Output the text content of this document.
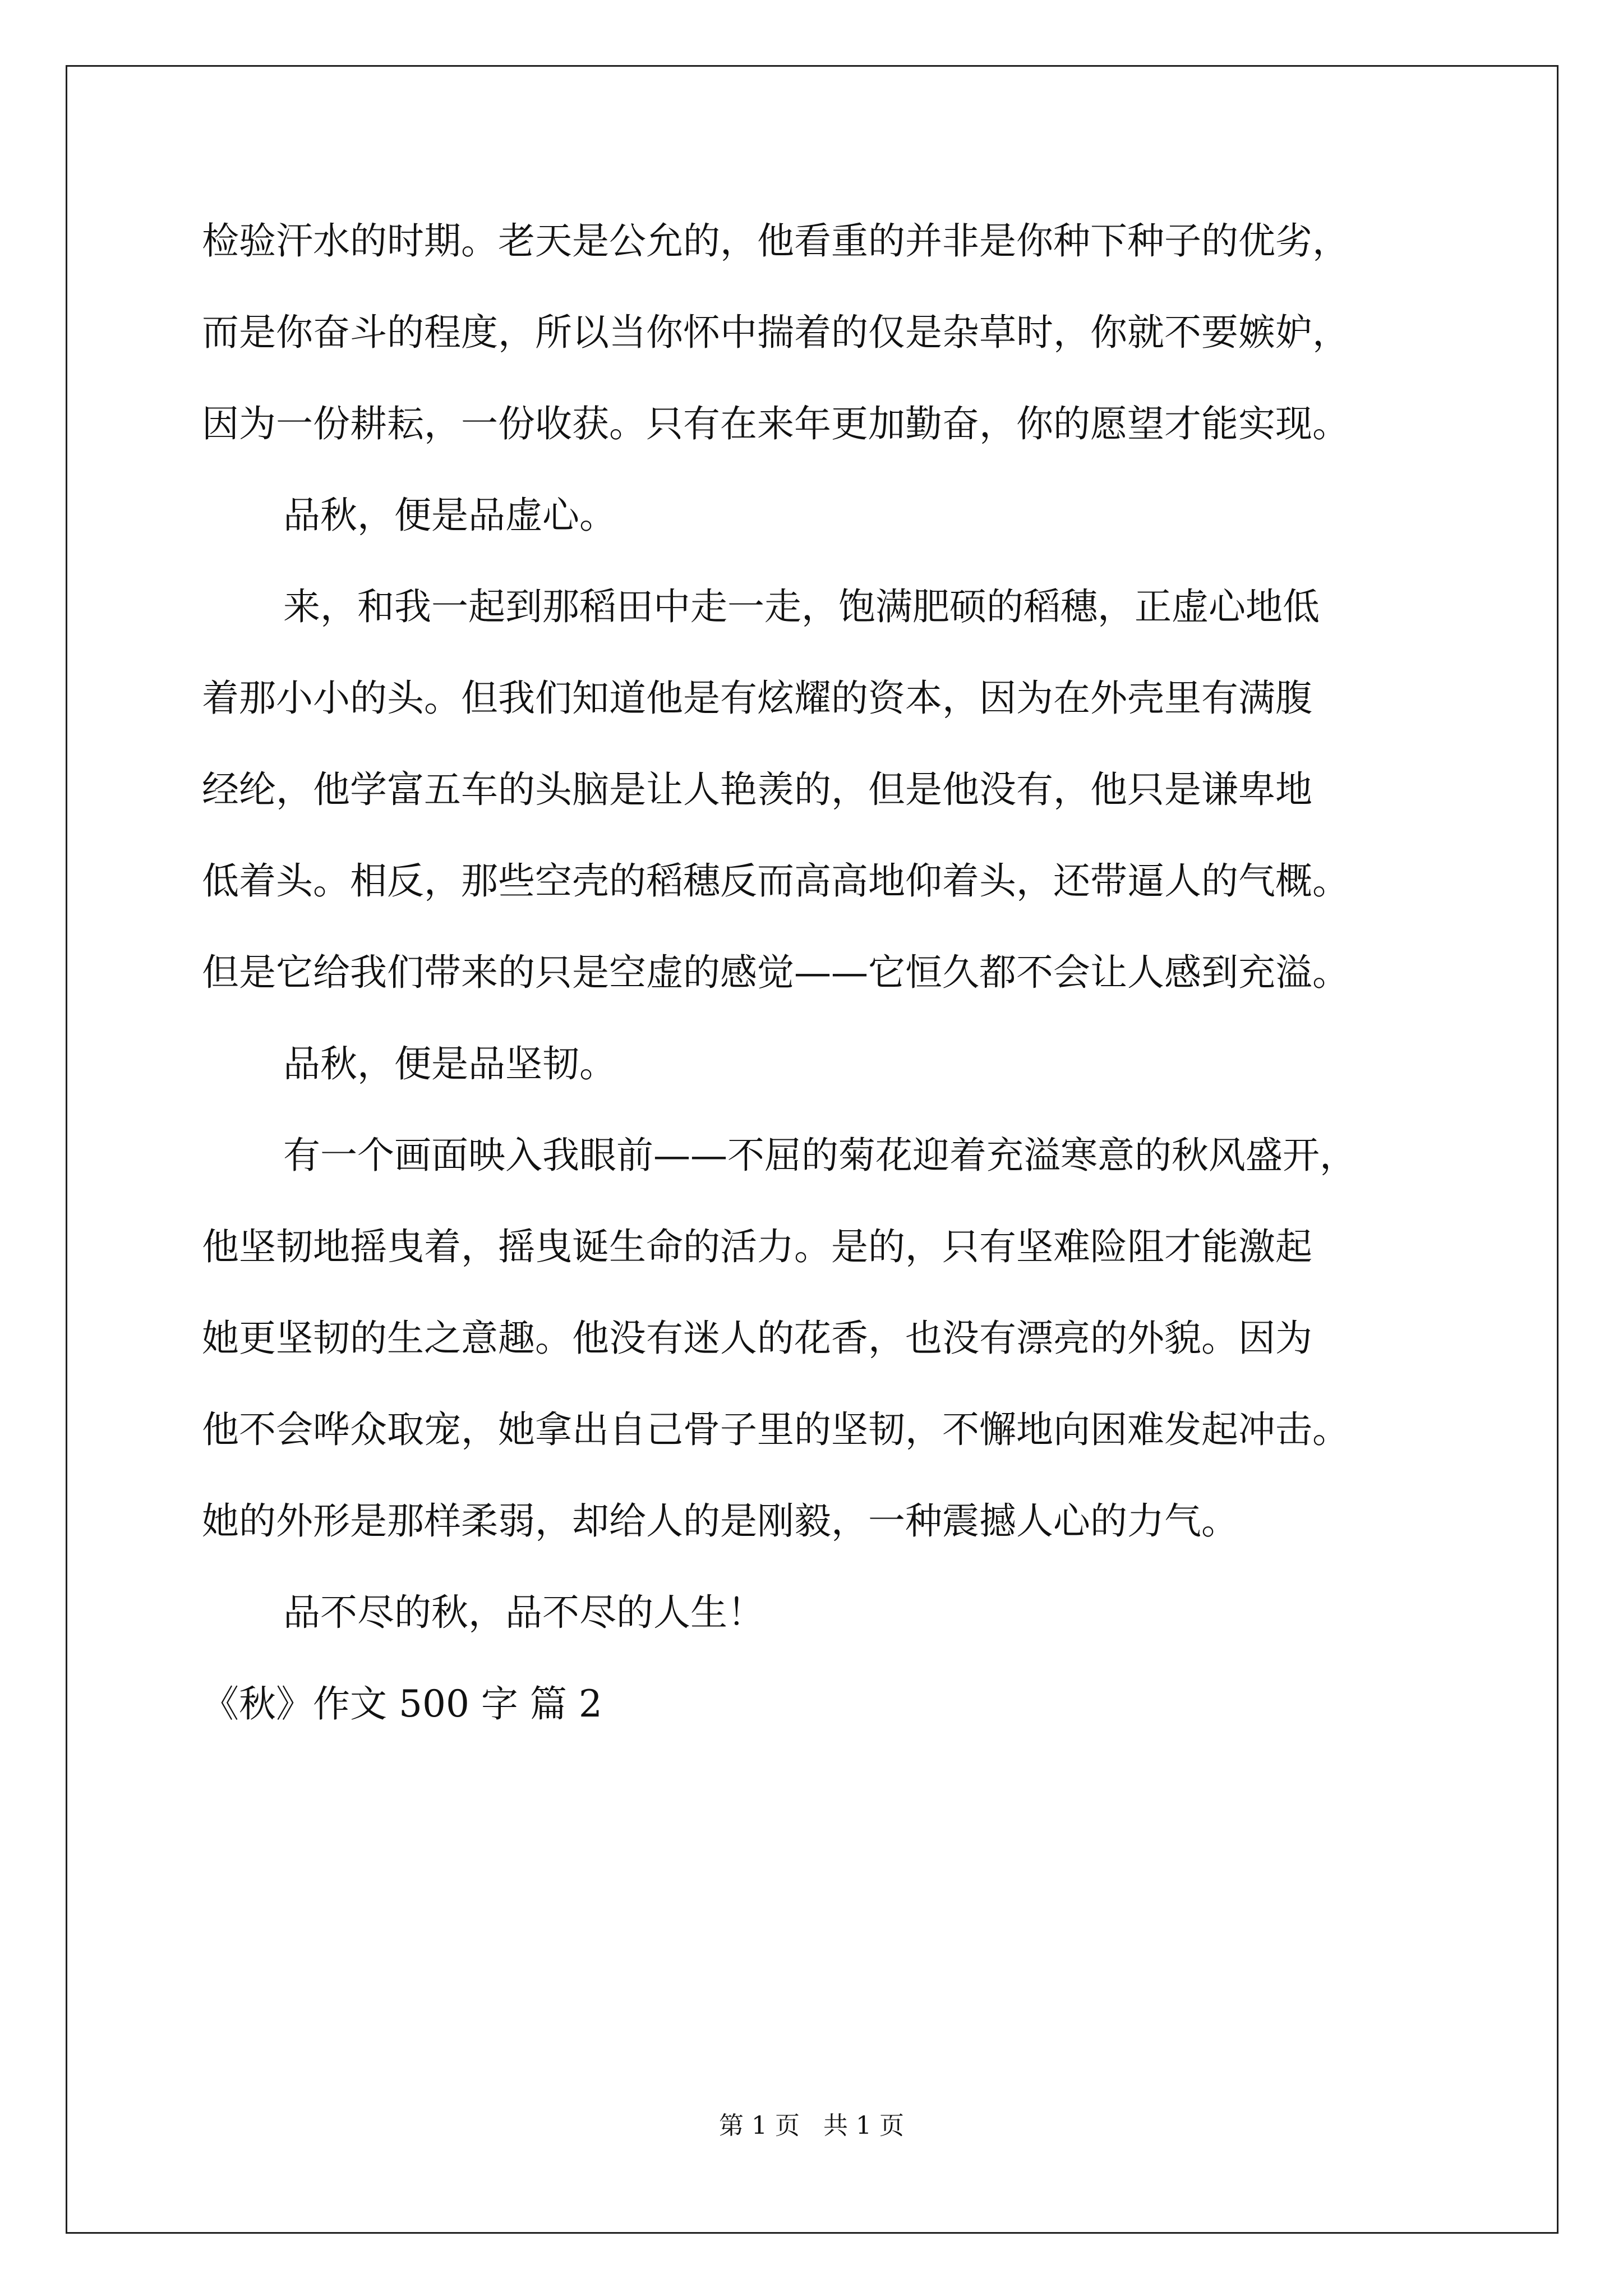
检验汗水的时期。老天是公允的，他看重的并非是你种下种子的优劣，
而是你奋斗的程度，所以当你怀中揣着的仅是杂草时，你就不要嫉妒，
因为一份耕耘，一份收获。只有在来年更加勤奋，你的愿望才能实现。
品秋，便是品虚心。
来，和我一起到那稻田中走一走，饱满肥硕的稻穗，正虚心地低
着那小小的头。但我们知道他是有炫耀的资本，因为在外壳里有满腹
经纶，他学富五车的头脑是让人艳羡的，但是他没有，他只是谦卑地
低着头。相反，那些空壳的稻穗反而高高地仰着头，还带逼人的气概。
但是它给我们带来的只是空虚的感觉——它恒久都不会让人感到充溢。
品秋，便是品坚韧。
有一个画面映入我眼前——不屈的菊花迎着充溢寒意的秋风盛开，
他坚韧地摇曳着，摇曳诞生命的活力。是的，只有坚难险阻才能激起
她更坚韧的生之意趣。他没有迷人的花香，也没有漂亮的外貌。因为
他不会哗众取宠，她拿出自己骨子里的坚韧，不懈地向困难发起冲击。
她的外形是那样柔弱，却给人的是刚毅，一种震撼人心的力气。
品不尽的秋，品不尽的人生！
《秋》作文 500 字 篇 2
第 1 页   共 1 页
